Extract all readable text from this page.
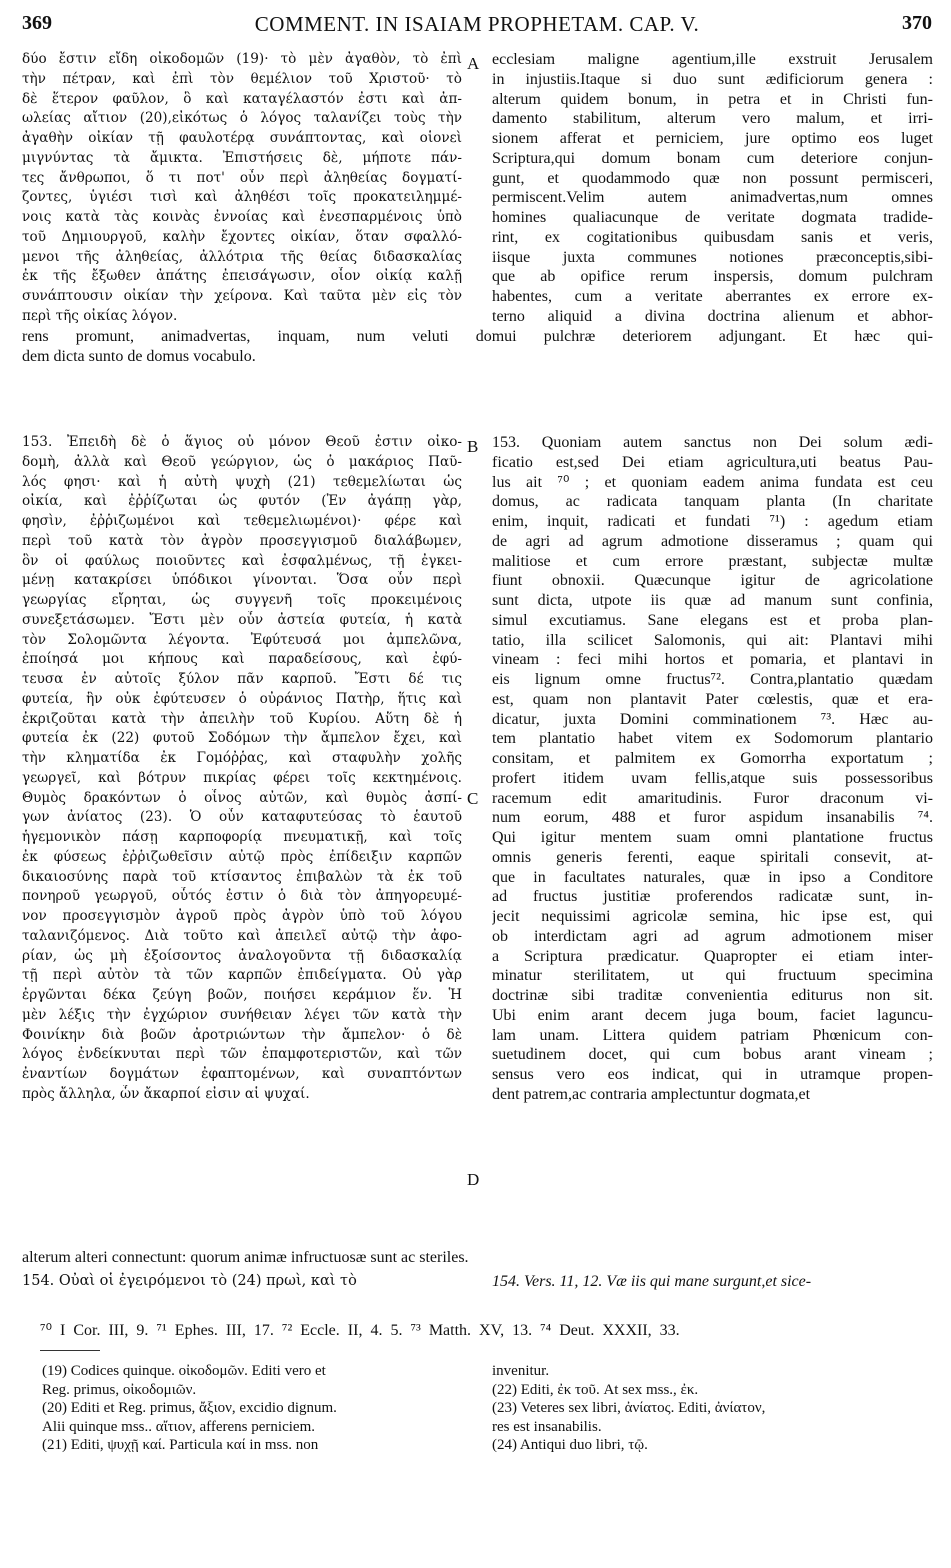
369	COMMENT. IN ISAIAM PROPHETAM. CAP. V.	370
δύο ἔστιν εἴδη οἰκοδομῶν (19)· τὸ μὲν ἀγαθὸν, τὸ ἐπὶ
τὴν πέτραν, καὶ ἐπὶ τὸν θεμέλιον τοῦ Χριστοῦ· τὸ
δὲ ἕτερον φαῦλον, ὃ καὶ καταγέλαστόν ἐστι καὶ ἀπ-
ωλείας αἴτιον (20),εἰκότως ὁ λόγος ταλανίζει τοὺς τὴν
ἀγαθὴν οἰκίαν τῇ φαυλοτέρᾳ συνάπτοντας, καὶ οἱονεὶ
μιγνύντας τὰ ἄμικτα. Ἐπιστήσεις δὲ, μήποτε πάν-
τες ἄνθρωποι, ὅ τι ποτ' οὖν περὶ ἀληθείας δογματί-
ζοντες, ὑγιέσι τισὶ καὶ ἀληθέσι τοῖς προκατειλημμέ-
νοις κατὰ τὰς κοινὰς ἐννοίας καὶ ἐνεσπαρμένοις ὑπὸ
τοῦ Δημιουργοῦ, καλὴν ἔχοντες οἰκίαν, ὅταν σφαλλό-
μενοι τῆς ἀληθείας, ἀλλότρια τῆς θείας διδασκαλίας
ἐκ τῆς ἔξωθεν ἀπάτης ἐπεισάγωσιν, οἷον οἰκίᾳ καλῇ
συνάπτουσιν οἰκίαν τὴν χείρονα. Καὶ ταῦτα μὲν εἰς τὸν
περὶ τῆς οἰκίας λόγον.
ecclesiam maligne agentium,ille exstruit Jerusalem
in injustiis.Itaque si duo sunt ædificiorum genera :
alterum quidem bonum, in petra et in Christi fun-
damento stabilitum, alterum vero malum, et irri-
sionem afferat et perniciem, jure optimo eos luget
Scriptura,qui domum bonam cum deteriore conjun-
gunt, et quodammodo quæ non possunt permisceri,
permiscent.Velim autem animadvertas,num omnes
homines qualiacunque de veritate dogmata tradide-
rint, ex cogitationibus quibusdam sanis et veris,
iisque juxta communes notiones præconceptis,sibi-
que ab opifice rerum inspersis, domum pulchram
habentes, cum a veritate aberrantes ex errore ex-
terno aliquid a divina doctrina alienum et abhor-
A
rens promunt, animadvertas, inquam, num veluti domui pulchræ deteriorem adjungant. Et hæc qui-
dem dicta sunto de domus vocabulo.
153. Ἐπειδὴ δὲ ὁ ἅγιος οὐ μόνον Θεοῦ ἐστιν οἰκο-
δομὴ, ἀλλὰ καὶ Θεοῦ γεώργιον, ὡς ὁ μακάριος Παῦ-
λός φησι· καὶ ἡ αὐτὴ ψυχὴ (21) τεθεμελίωται ὡς
οἰκία, καὶ ἐῤῥίζωται ὡς φυτόν (Ἐν ἀγάπῃ γὰρ,
φησὶν, ἐῤῥιζωμένοι καὶ τεθεμελιωμένοι)· φέρε καὶ
περὶ τοῦ κατὰ τὸν ἀγρὸν προσεγγισμοῦ διαλάβωμεν,
ὃν οἱ φαύλως ποιοῦντες καὶ ἐσφαλμένως, τῇ ἐγκει-
μένῃ κατακρίσει ὑπόδικοι γίνονται. Ὅσα οὖν περὶ
γεωργίας εἴρηται, ὡς συγγενῆ τοῖς προκειμένοις
συνεξετάσωμεν. Ἔστι μὲν οὖν ἀστεία φυτεία, ἡ κατὰ
τὸν Σολομῶντα λέγοντα. Ἐφύτευσά μοι ἀμπελῶνα,
ἐποίησά μοι κήπους καὶ παραδείσους, καὶ ἐφύ-
τευσα ἐν αὐτοῖς ξύλον πᾶν καρποῦ. Ἔστι δέ τις
φυτεία, ἣν οὐκ ἐφύτευσεν ὁ οὐράνιος Πατὴρ, ἥτις καὶ
ἐκριζοῦται κατὰ τὴν ἀπειλὴν τοῦ Κυρίου. Αὕτη δὲ ἡ
φυτεία ἐκ (22) φυτοῦ Σοδόμων τὴν ἄμπελον ἔχει, καὶ
τὴν κληματίδα ἐκ Γομόῤῥας, καὶ σταφυλὴν χολῆς
γεωργεῖ, καὶ βότρυν πικρίας φέρει τοῖς κεκτημένοις.
Θυμὸς δρακόντων ὁ οἶνος αὐτῶν, καὶ θυμὸς ἀσπί-
γων ἀνίατος (23). Ὁ οὖν καταφυτεύσας τὸ ἑαυτοῦ
ἡγεμονικὸν πάσῃ καρποφορίᾳ πνευματικῇ, καὶ τοῖς
ἐκ φύσεως ἐῤῥιζωθεῖσιν αὐτῷ πρὸς ἐπίδειξιν καρπῶν
δικαιοσύνης παρὰ τοῦ κτίσαντος ἐπιβαλὼν τὰ ἐκ τοῦ
πονηροῦ γεωργοῦ, οὗτός ἐστιν ὁ διὰ τὸν ἀπηγορευμέ-
νον προσεγγισμὸν ἀγροῦ πρὸς ἀγρὸν ὑπὸ τοῦ λόγου
ταλανιζόμενος. Διὰ τοῦτο καὶ ἀπειλεῖ αὐτῷ τὴν ἀφο-
ρίαν, ὡς μὴ ἐξοίσοντος ἀναλογοῦντα τῇ διδασκαλίᾳ
τῇ περὶ αὐτὸν τὰ τῶν καρπῶν ἐπιδείγματα. Οὐ γὰρ
ἐργῶνται δέκα ζεύγη βοῶν, ποιήσει κεράμιον ἕν. Ἡ
μὲν λέξις τὴν ἐγχώριον συνήθειαν λέγει τῶν κατὰ τὴν
Φοινίκην διὰ βοῶν ἀροτριώντων τὴν ἄμπελον· ὁ δὲ
λόγος ἐνδείκνυται περὶ τῶν ἐπαμφοτεριστῶν, καὶ τῶν
ἐναντίων δογμάτων ἐφαπτομένων, καὶ συναπτόντων
πρὸς ἄλληλα, ὧν ἄκαρποί εἰσιν αἱ ψυχαί.
153. Quoniam autem sanctus non Dei solum ædi-
ficatio est,sed Dei etiam agricultura,uti beatus Pau-
lus ait ⁷⁰ ; et quoniam eadem anima fundata est ceu
domus, ac radicata tanquam planta (In charitate
enim, inquit, radicati et fundati ⁷¹) : agedum etiam
de agri ad agrum admotione disseramus ; quam qui
malitiose et cum errore præstant, subjectæ multæ
fiunt obnoxii. Quæcunque igitur de agricolatione
sunt dicta, utpote iis quæ ad manum sunt confinia,
simul excutiamus. Sane elegans est et proba plan-
tatio, illa scilicet Salomonis, qui ait: Plantavi mihi
vineam : feci mihi hortos et pomaria, et plantavi in
eis lignum omne fructus⁷². Contra,plantatio quædam
est, quam non plantavit Pater cœlestis, quæ et era-
dicatur, juxta Domini comminationem ⁷³. Hæc au-
tem plantatio habet vitem ex Sodomorum plantario
consitam, et palmitem ex Gomorrha exportatum ;
profert itidem uvam fellis,atque suis possessoribus
racemum edit amaritudinis. Furor draconum vi-
num eorum, 488 et furor aspidum insanabilis ⁷⁴.
Qui igitur mentem suam omni plantatione fructus
omnis generis ferenti, eaque spiritali consevit, at-
que in facultates naturales, quæ in ipso a Conditore
ad fructus justitiæ proferendos radicatæ sunt, in-
jecit nequissimi agricolæ semina, hic ipse est, qui
ob interdictam agri ad agrum admotionem miser
a Scriptura prædicatur. Quapropter ei etiam inter-
minatur sterilitatem, ut qui fructuum specimina
doctrinæ sibi traditæ convenientia editurus non sit.
Ubi enim arant decem juga boum, faciet laguncu-
lam unam. Littera quidem patriam Phœnicum con-
suetudinem docet, qui cum bobus arant vineam ;
sensus vero eos indicat, qui in utramque propen-
dent patrem,ac contraria amplectuntur dogmata,et
B
C
D
alterum alteri connectunt: quorum animæ infructuosæ sunt ac steriles.
154. Οὐαὶ οἱ ἐγειρόμενοι τὸ (24) πρωὶ, καὶ τὸ	154. Vers. 11, 12. Væ iis qui mane surgunt,et sice-
⁷⁰ I Cor. III, 9. ⁷¹ Ephes. III, 17. ⁷² Eccle. II, 4. 5. ⁷³ Matth. XV, 13. ⁷⁴ Deut. XXXII, 33.
(19) Codices quinque. οἰκοδομῶν. Editi vero et
Reg. primus, οἰκοδομιῶν.
(20) Editi et Reg. primus, ἄξιον, excidio dignum.
Alii quinque mss.. αἴτιον, afferens perniciem.
(21) Editi, ψυχῇ καί. Particula καί in mss. non
invenitur.
(22) Editi, ἐκ τοῦ. At sex mss., ἐκ.
(23) Veteres sex libri, ἀνίατος. Editi, ἀνίατον,
res est insanabilis.
(24) Antiqui duo libri, τῷ.
